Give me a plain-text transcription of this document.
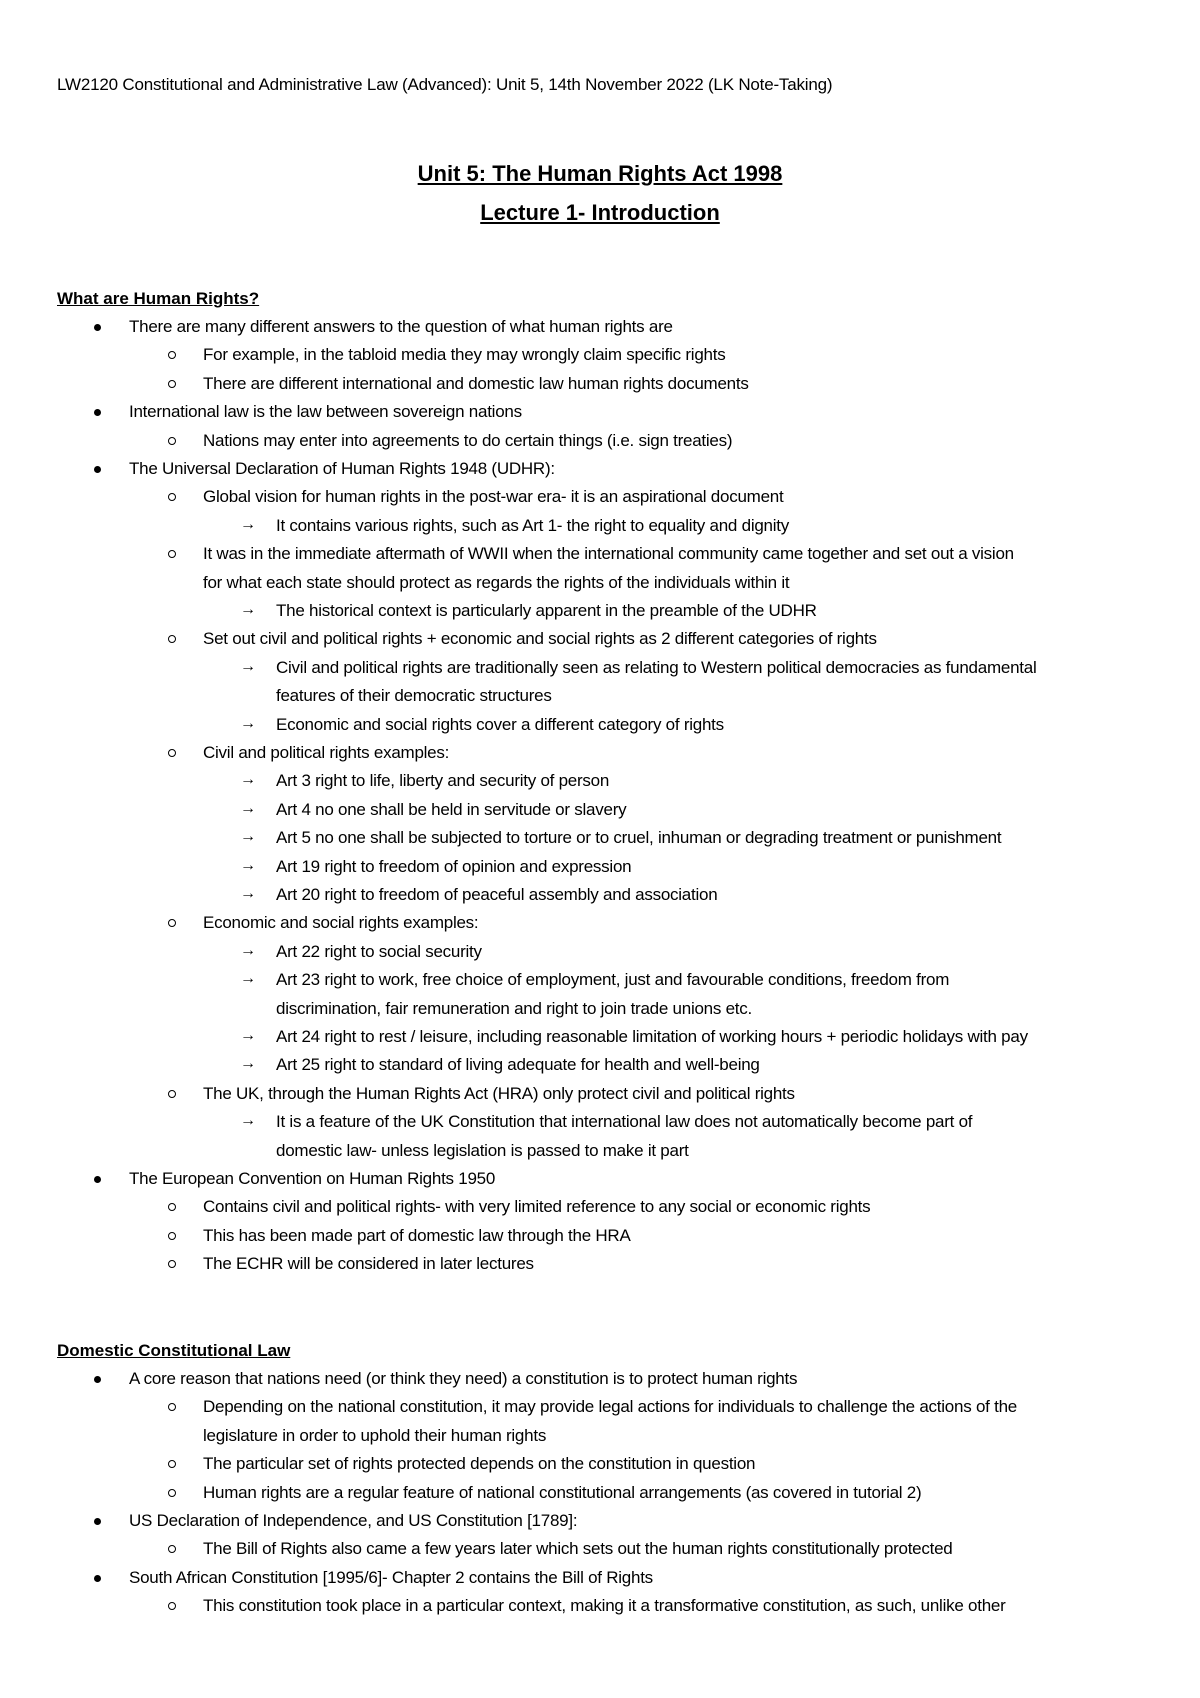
LW2120 Constitutional and Administrative Law (Advanced): Unit 5, 14th November 2022 (LK Note-Taking)
Unit 5: The Human Rights Act 1998
Lecture 1- Introduction
What are Human Rights?
There are many different answers to the question of what human rights are
For example, in the tabloid media they may wrongly claim specific rights
There are different international and domestic law human rights documents
International law is the law between sovereign nations
Nations may enter into agreements to do certain things (i.e. sign treaties)
The Universal Declaration of Human Rights 1948 (UDHR):
Global vision for human rights in the post-war era- it is an aspirational document
It contains various rights, such as Art 1- the right to equality and dignity
→
It was in the immediate aftermath of WWII when the international community came together and set out a vision
for what each state should protect as regards the rights of the individuals within it
The historical context is particularly apparent in the preamble of the UDHR
→
Set out civil and political rights + economic and social rights as 2 different categories of rights
Civil and political rights are traditionally seen as relating to Western political democracies as fundamental
→
features of their democratic structures
Economic and social rights cover a different category of rights
→
Civil and political rights examples:
Art 3 right to life, liberty and security of person
→
Art 4 no one shall be held in servitude or slavery
→
Art 5 no one shall be subjected to torture or to cruel, inhuman or degrading treatment or punishment
→
Art 19 right to freedom of opinion and expression
→
Art 20 right to freedom of peaceful assembly and association
→
Economic and social rights examples:
Art 22 right to social security
→
Art 23 right to work, free choice of employment, just and favourable conditions, freedom from
→
discrimination, fair remuneration and right to join trade unions etc.
Art 24 right to rest / leisure, including reasonable limitation of working hours + periodic holidays with pay
→
Art 25 right to standard of living adequate for health and well-being
→
The UK, through the Human Rights Act (HRA) only protect civil and political rights
It is a feature of the UK Constitution that international law does not automatically become part of
→
domestic law- unless legislation is passed to make it part
The European Convention on Human Rights 1950
Contains civil and political rights- with very limited reference to any social or economic rights
This has been made part of domestic law through the HRA
The ECHR will be considered in later lectures
Domestic Constitutional Law
A core reason that nations need (or think they need) a constitution is to protect human rights
Depending on the national constitution, it may provide legal actions for individuals to challenge the actions of the
legislature in order to uphold their human rights
The particular set of rights protected depends on the constitution in question
Human rights are a regular feature of national constitutional arrangements (as covered in tutorial 2)
US Declaration of Independence, and US Constitution [1789]:
The Bill of Rights also came a few years later which sets out the human rights constitutionally protected
South African Constitution [1995/6]- Chapter 2 contains the Bill of Rights
This constitution took place in a particular context, making it a transformative constitution, as such, unlike other
